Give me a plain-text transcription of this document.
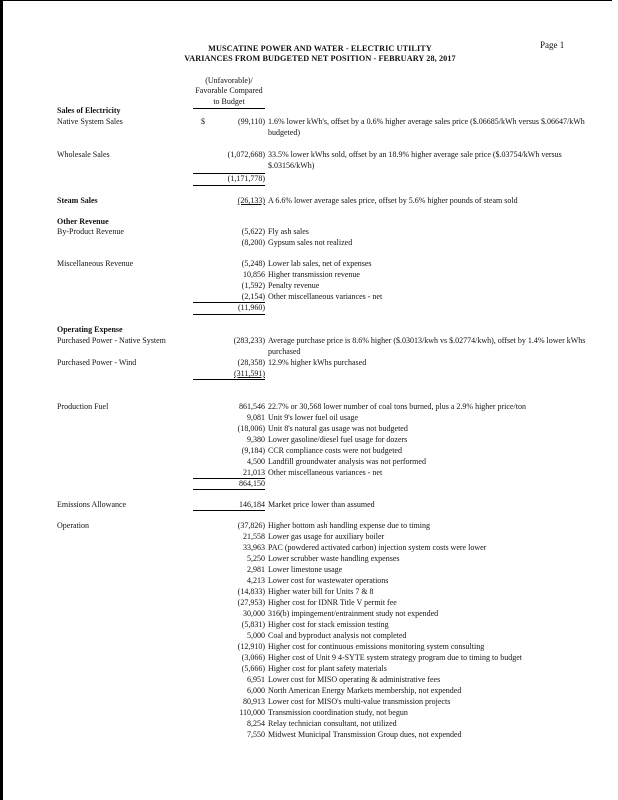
Page 1
MUSCATINE POWER AND WATER - ELECTRIC UTILITY
VARIANCES FROM BUDGETED NET POSITION - FEBRUARY 28, 2017
(Unfavorable)/
Favorable Compared
to Budget
Sales of Electricity
Native System Sales	$	(99,110) 1.6% lower kWh's, offset by a 0.6% higher average sales price ($.06685/kWh versus $.06647/kWh budgeted)
Wholesale Sales	(1,072,668) 33.5% lower kWhs sold, offset by an 18.9% higher average sale price ($.03754/kWh versus $.03156/kWh)
(1,171,778)
Steam Sales	(26,133) A 6.6% lower average sales price, offset by 5.6% higher pounds of steam sold
Other Revenue
By-Product Revenue	(5,622) Fly ash sales
(8,200) Gypsum sales not realized
Miscellaneous Revenue	(5,248) Lower lab sales, net of expenses
10,856 Higher transmission revenue
(1,592) Penalty revenue
(2,154) Other miscellaneous variances - net
(11,960)
Operating Expense
Purchased Power - Native System	(283,233) Average purchase price is 8.6% higher ($.03013/kwh vs $.02774/kwh), offset by 1.4% lower kWhs purchased
Purchased Power - Wind	(28,358) 12.9% higher kWhs purchased
(311,591)
Production Fuel	861,546 22.7% or 30,568 lower number of coal tons burned, plus a 2.9% higher price/ton
9,081 Unit 9's lower fuel oil usage
(18,006) Unit 8's natural gas usage was not budgeted
9,380 Lower gasoline/diesel fuel usage for dozers
(9,184) CCR compliance costs were not budgeted
4,500 Landfill groundwater analysis was not performed
21,013 Other miscellaneous variances - net
864,150
Emissions Allowance	146,184 Market price lower than assumed
Operation	(37,826) Higher bottom ash handling expense due to timing
21,558 Lower gas usage for auxiliary boiler
33,963 PAC (powdered activated carbon) injection system costs were lower
5,250 Lower scrubber waste handling expenses
2,981 Lower limestone usage
4,213 Lower cost for wastewater operations
(14,833) Higher water bill for Units 7 & 8
(27,953) Higher cost for IDNR Title V permit fee
30,000 316(b) impingement/entrainment study not expended
(5,831) Higher cost for stack emission testing
5,000 Coal and byproduct analysis not completed
(12,910) Higher cost for continuous emissions monitoring system consulting
(3,066) Higher cost of Unit 9 4-SYTE system strategy program due to timing to budget
(5,666) Higher cost for plant safety materials
6,951 Lower cost for MISO operating & administrative fees
6,000 North American Energy Markets membership, not expended
80,913 Lower cost for MISO's multi-value transmission projects
110,000 Transmission coordination study, not begun
8,254 Relay technician consultant, not utilized
7,550 Midwest Municipal Transmission Group dues, not expended
